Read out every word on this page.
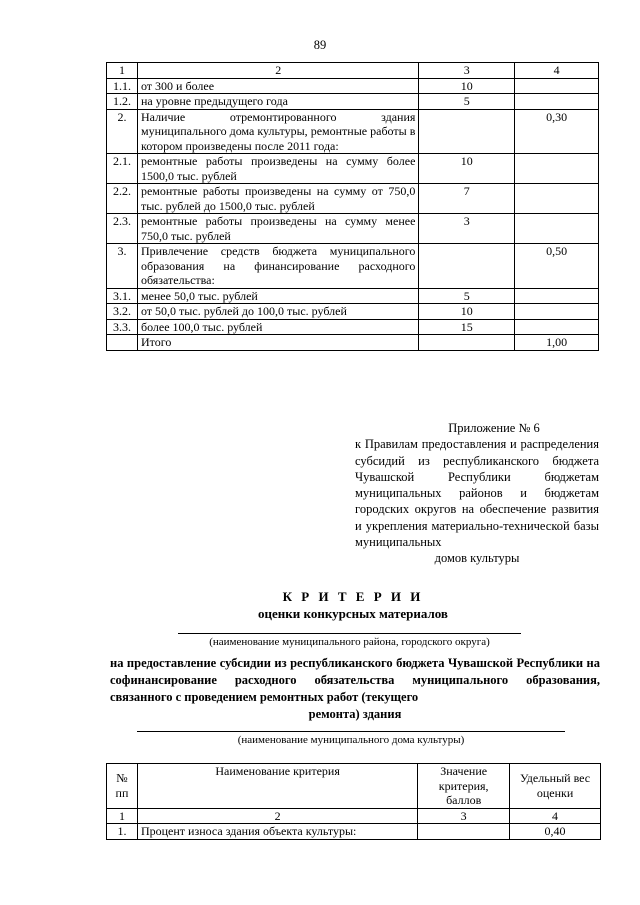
89
1	2	3	4
1.1.	от 300 и более	10	
1.2.	на уровне предыдущего года	5	
2.	Наличие отремонтированного здания муниципального дома культуры, ремонтные работы в котором произведены после 2011 года:		0,30
2.1.	ремонтные работы произведены на сумму более 1500,0 тыс. рублей	10	
2.2.	ремонтные работы произведены на сумму от 750,0 тыс. рублей до 1500,0 тыс. рублей	7	
2.3.	ремонтные работы произведены на сумму менее 750,0 тыс. рублей	3	
3.	Привлечение средств бюджета муниципального образования на финансирование расходного обязательства:		0,50
3.1.	менее 50,0 тыс. рублей	5	
3.2.	от 50,0 тыс. рублей до 100,0 тыс. рублей	10	
3.3.	более 100,0 тыс. рублей	15	
	Итого		1,00
Приложение № 6
к Правилам предоставления и распределения субсидий из республиканского бюджета Чувашской Республики бюджетам муниципальных районов и бюджетам городских округов на обеспечение развития и укрепления материально-технической базы муниципальных
домов культуры
К Р И Т Е Р И И
оценки конкурсных материалов
(наименование муниципального района, городского округа)
на предоставление субсидии из республиканского бюджета Чувашской Республики на софинансирование расходного обязательства муниципального образования, связанного с проведением ремонтных работ (текущего
ремонта) здания
(наименование муниципального дома культуры)
№ пп	Наименование критерия	Значение критерия, баллов	Удельный вес оценки
1	2	3	4
1.	Процент износа здания объекта культуры:		0,40
